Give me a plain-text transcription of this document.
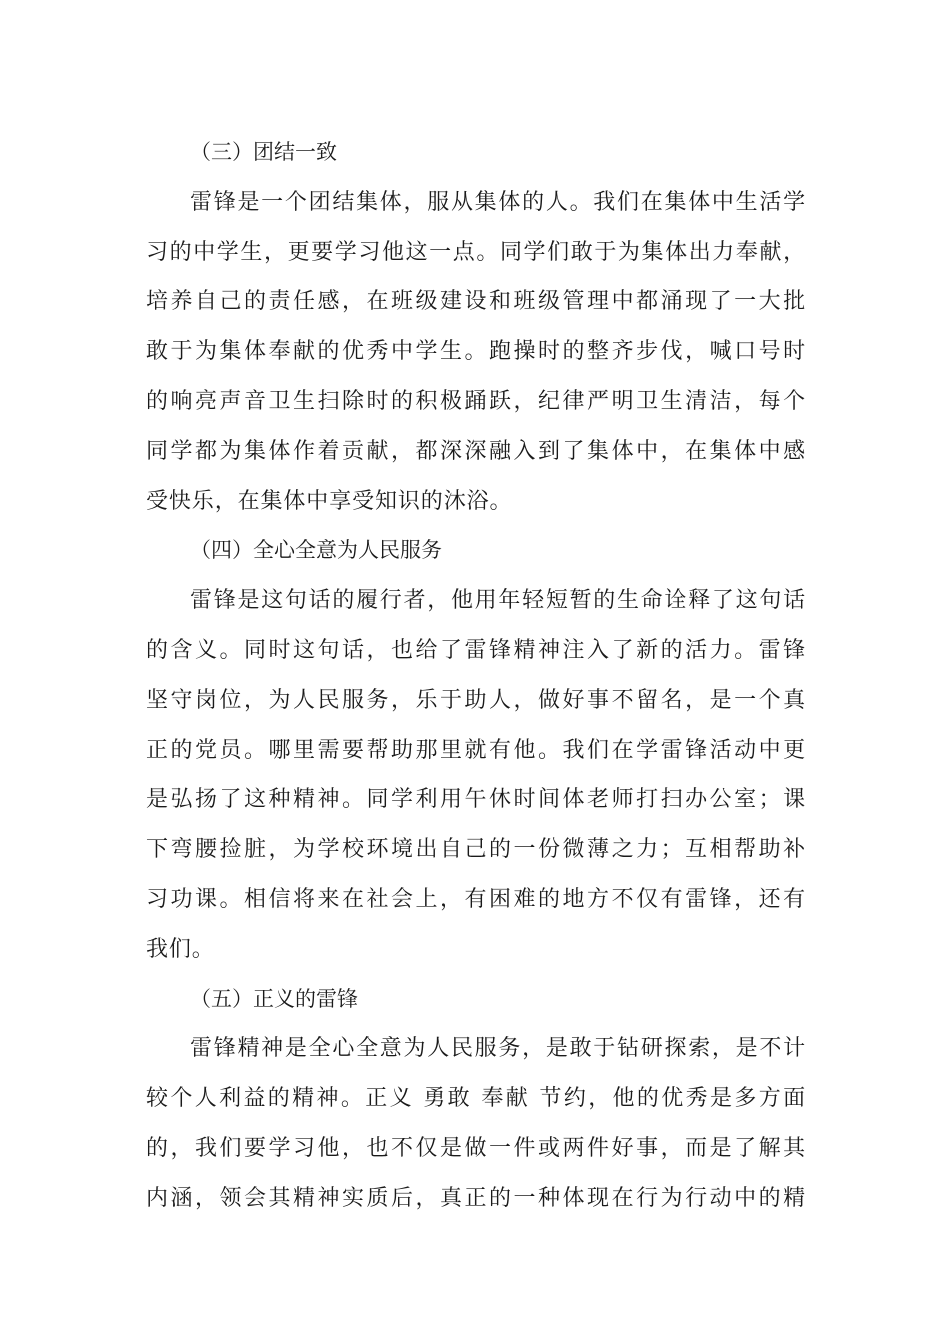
（三）团结一致

雷锋是一个团结集体，服从集体的人。我们在集体中生活学
习的中学生，更要学习他这一点。同学们敢于为集体出力奉献，
培养自己的责任感，在班级建设和班级管理中都涌现了一大批
敢于为集体奉献的优秀中学生。跑操时的整齐步伐，喊口号时
的响亮声音卫生扫除时的积极踊跃，纪律严明卫生清洁，每个
同学都为集体作着贡献，都深深融入到了集体中，在集体中感
受快乐，在集体中享受知识的沐浴。

（四）全心全意为人民服务

雷锋是这句话的履行者，他用年轻短暂的生命诠释了这句话
的含义。同时这句话，也给了雷锋精神注入了新的活力。雷锋
坚守岗位，为人民服务，乐于助人，做好事不留名，是一个真
正的党员。哪里需要帮助那里就有他。我们在学雷锋活动中更
是弘扬了这种精神。同学利用午休时间体老师打扫办公室；课
下弯腰捡脏，为学校环境出自己的一份微薄之力；互相帮助补
习功课。相信将来在社会上，有困难的地方不仅有雷锋，还有
我们。

（五）正义的雷锋

雷锋精神是全心全意为人民服务，是敢于钻研探索，是不计
较个人利益的精神。正义 勇敢 奉献 节约，他的优秀是多方面
的，我们要学习他，也不仅是做一件或两件好事，而是了解其
内涵，领会其精神实质后，真正的一种体现在行为行动中的精
